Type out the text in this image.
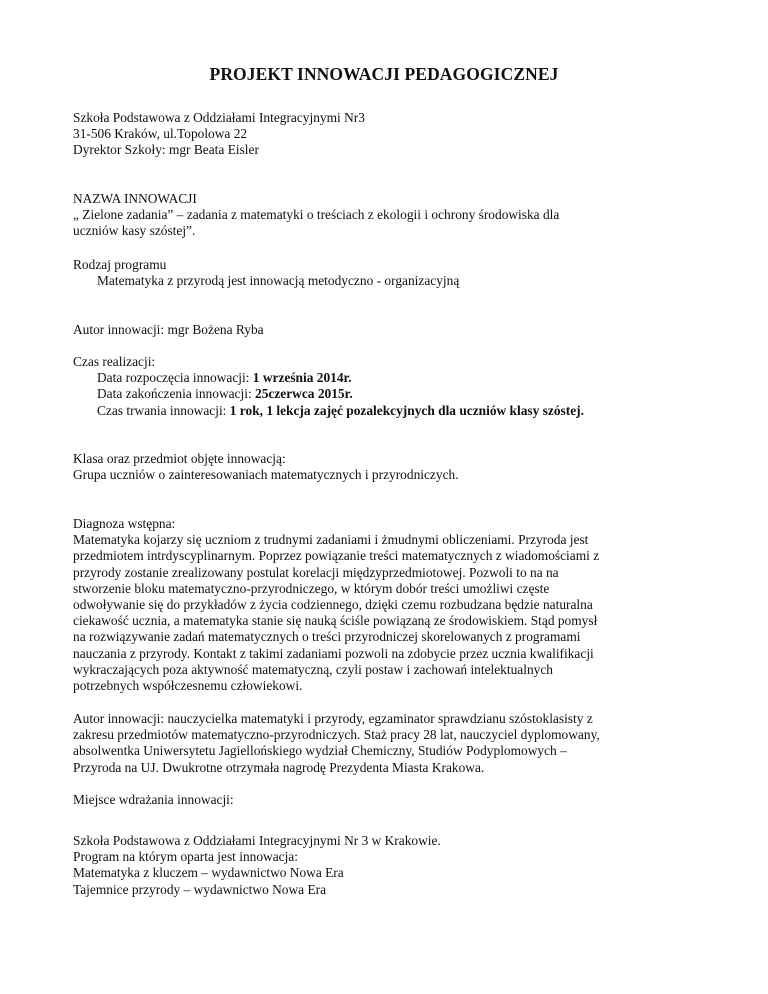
PROJEKT INNOWACJI PEDAGOGICZNEJ
Szkoła Podstawowa z Oddziałami Integracyjnymi Nr3
31-506 Kraków, ul.Topolowa 22
Dyrektor Szkoły: mgr Beata Eisler
NAZWA INNOWACJI
„ Zielone zadania” – zadania z matematyki o treściach z ekologii i ochrony środowiska dla
uczniów kasy szóstej”.
Rodzaj programu
Matematyka z przyrodą jest innowacją metodyczno - organizacyjną
Autor innowacji: mgr Bożena Ryba
Czas realizacji:
Data rozpoczęcia innowacji: 1 września 2014r.
Data zakończenia innowacji: 25czerwca 2015r.
Czas trwania innowacji: 1 rok, 1 lekcja zajęć pozalekcyjnych dla uczniów klasy szóstej.
Klasa oraz przedmiot objęte innowacją:
Grupa uczniów o zainteresowaniach matematycznych i przyrodniczych.
Diagnoza wstępna:
Matematyka kojarzy się uczniom z trudnymi zadaniami i żmudnymi obliczeniami. Przyroda jest
przedmiotem intrdyscyplinarnym. Poprzez powiązanie treści matematycznych z wiadomościami z
przyrody zostanie zrealizowany postulat korelacji międzyprzedmiotowej. Pozwoli to na na
stworzenie bloku matematyczno-przyrodniczego, w którym dobór treści umożliwi częste
odwoływanie się do przykładów z życia codziennego, dzięki czemu rozbudzana będzie naturalna
ciekawość ucznia, a matematyka stanie się nauką ściśle powiązaną ze środowiskiem. Stąd pomysł
na rozwiązywanie zadań matematycznych o treści przyrodniczej skorelowanych z programami
nauczania z przyrody. Kontakt z takimi zadaniami pozwoli na zdobycie przez ucznia kwalifikacji
wykraczających poza aktywność matematyczną, czyli postaw i zachowań intelektualnych
potrzebnych współczesnemu człowiekowi.
Autor innowacji: nauczycielka matematyki i przyrody, egzaminator sprawdzianu szóstoklasisty z
zakresu przedmiotów matematyczno-przyrodniczych. Staż pracy 28 lat, nauczyciel dyplomowany,
absolwentka Uniwersytetu Jagiellońskiego wydział Chemiczny, Studiów Podyplomowych –
Przyroda na UJ. Dwukrotne otrzymała nagrodę Prezydenta Miasta Krakowa.
Miejsce wdrażania innowacji:
Szkoła Podstawowa z Oddziałami Integracyjnymi Nr 3 w Krakowie.
Program na którym oparta jest innowacja:
Matematyka z kluczem – wydawnictwo Nowa Era
Tajemnice przyrody – wydawnictwo Nowa Era
